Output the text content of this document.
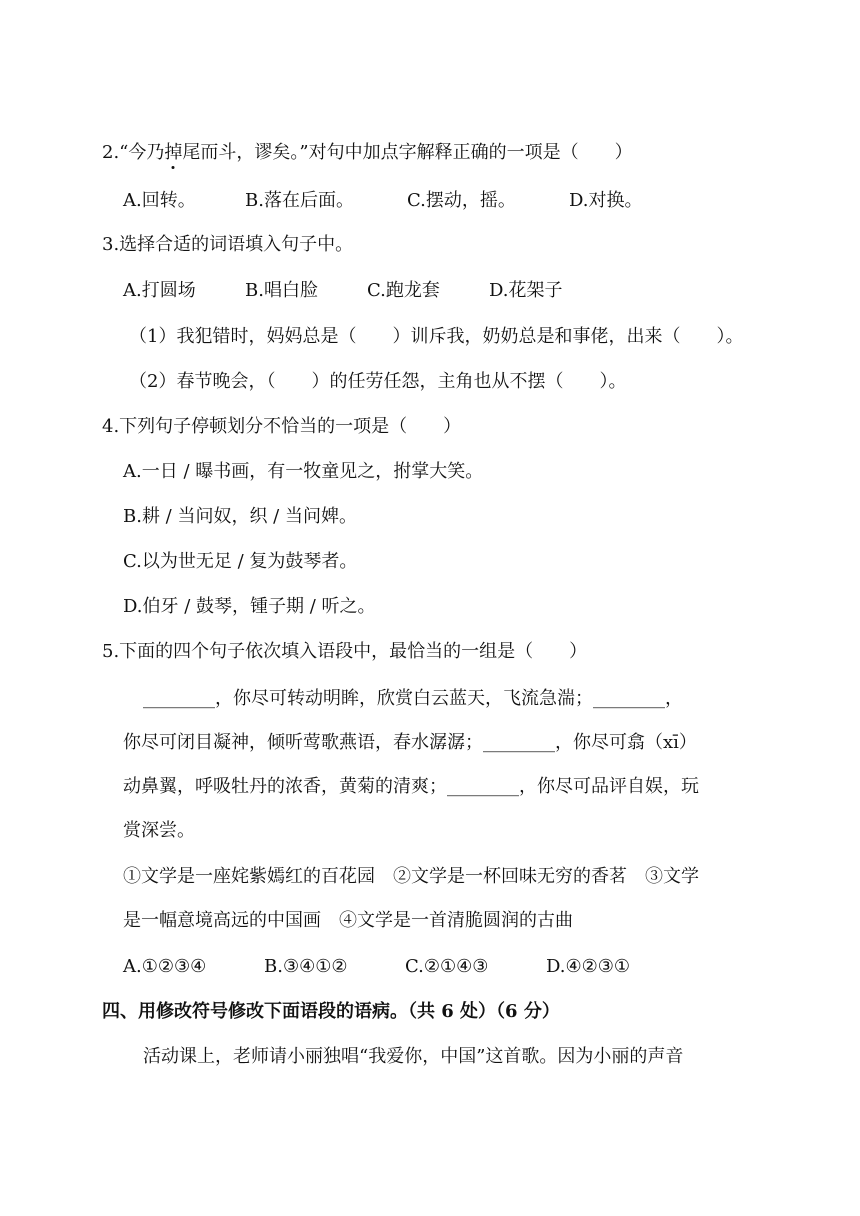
2.“今乃掉尾而斗，谬矣。”对句中加点字解释正确的一项是（　　）
A.回转。	B.落在后面。	C.摆动，摇。	D.对换。
3.选择合适的词语填入句子中。
A.打圆场	B.唱白脸	C.跑龙套	D.花架子
（1）我犯错时，妈妈总是（　　）训斥我，奶奶总是和事佬，出来（　　）。
（2）春节晚会，（　　）的任劳任怨，主角也从不摆（　　）。
4.下列句子停顿划分不恰当的一项是（　　）
A.一日 / 曝书画，有一牧童见之，拊掌大笑。
B.耕 / 当问奴，织 / 当问婢。
C.以为世无足 / 复为鼓琴者。
D.伯牙 / 鼓琴，锺子期 / 听之。
5.下面的四个句子依次填入语段中，最恰当的一组是（　　）
________，你尽可转动明眸，欣赏白云蓝天，飞流急湍；________，
你尽可闭目凝神，倾听莺歌燕语，春水潺潺；________，你尽可翕（xī）
动鼻翼，呼吸牡丹的浓香，黄菊的清爽；________，你尽可品评自娱，玩
赏深尝。
①文学是一座姹紫嫣红的百花园　②文学是一杯回味无穷的香茗　③文学
是一幅意境高远的中国画　④文学是一首清脆圆润的古曲
A.①②③④	B.③④①②	C.②①④③	D.④②③①
四、用修改符号修改下面语段的语病。（共 6 处）（6 分）
活动课上，老师请小丽独唱“我爱你，中国”这首歌。因为小丽的声音
